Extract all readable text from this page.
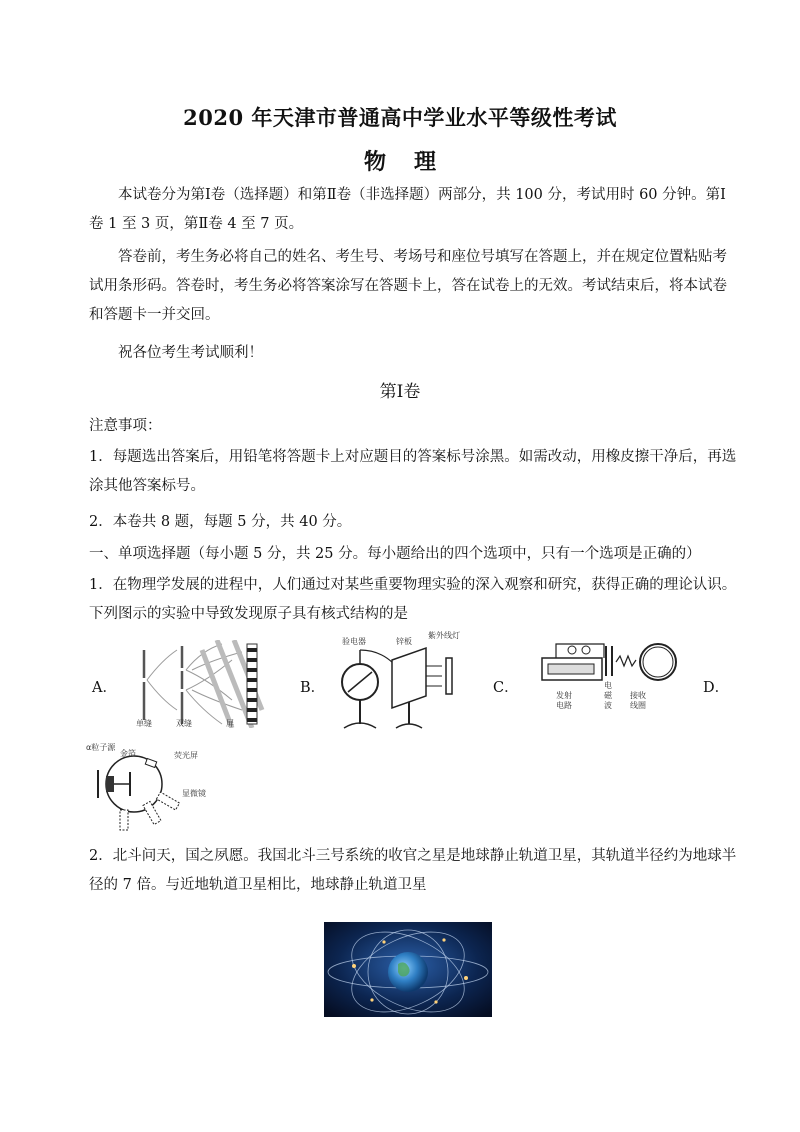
2020 年天津市普通高中学业水平等级性考试
物理
本试卷分为第Ⅰ卷（选择题）和第Ⅱ卷（非选择题）两部分，共 100 分，考试用时 60 分钟。第Ⅰ卷 1 至 3 页，第Ⅱ卷 4 至 7 页。
答卷前，考生务必将自己的姓名、考生号、考场号和座位号填写在答题上，并在规定位置粘贴考试用条形码。答卷时，考生务必将答案涂写在答题卡上，答在试卷上的无效。考试结束后，将本试卷和答题卡一并交回。
祝各位考生考试顺利！
第Ⅰ卷
注意事项：
1．每题选出答案后，用铅笔将答题卡上对应题目的答案标号涂黑。如需改动，用橡皮擦干净后，再选涂其他答案标号。
2．本卷共 8 题，每题 5 分，共 40 分。
一、单项选择题（每小题 5 分，共 25 分。每小题给出的四个选项中，只有一个选项是正确的）
1．在物理学发展的进程中，人们通过对某些重要物理实验的深入观察和研究，获得正确的理论认识。下列图示的实验中导致发现原子具有核式结构的是
A．	B．	C．	D．
单缝	双缝	屏
验电器	锌板
紫外线灯
发射
电路
电
磁
波
接收
线圈
α粒子源
金箔	荧光屏
显微镜
2．北斗问天，国之夙愿。我国北斗三号系统的收官之星是地球静止轨道卫星，其轨道半径约为地球半径的 7 倍。与近地轨道卫星相比，地球静止轨道卫星
